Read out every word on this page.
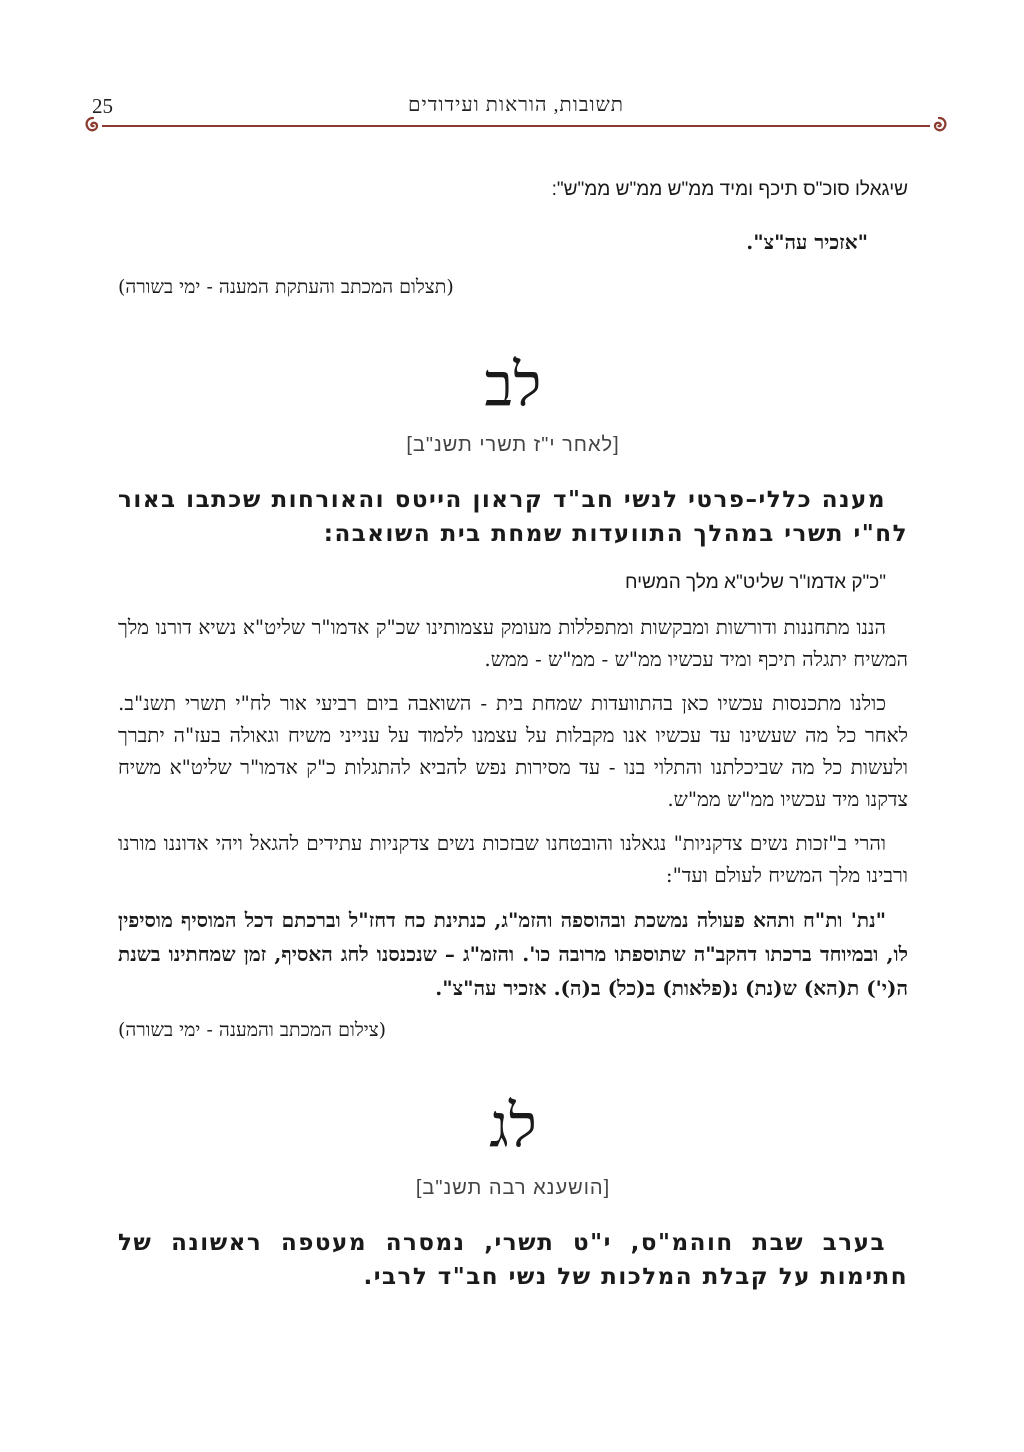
25	תשובות, הוראות ועידודים

שיגאלו סוכ"ס תיכף ומיד ממ"ש ממ"ש ממ"ש":

"אזכיר עה"צ".

(תצלום המכתב והעתקת המענה - ימי בשורה)

לב

[לאחר י"ז תשרי תשנ"ב]

מענה כללי–פרטי לנשי חב"ד קראון הייטס והאורחות שכתבו באור לח"י תשרי במהלך התוועדות שמחת בית השואבה:

"כ"ק אדמו"ר שליט"א מלך המשיח

הננו מתחננות ודורשות ומבקשות ומתפללות מעומק עצמותינו שכ"ק אדמו"ר שליט"א נשיא דורנו מלך המשיח יתגלה תיכף ומיד עכשיו ממ"ש - ממ"ש - ממש.

כולנו מתכנסות עכשיו כאן בהתוועדות שמחת בית - השואבה ביום רביעי אור לח"י תשרי תשנ"ב. לאחר כל מה שעשינו עד עכשיו אנו מקבלות על עצמנו ללמוד על ענייני משיח וגאולה בעז"ה יתברך ולעשות כל מה שביכלתנו והתלוי בנו - עד מסירות נפש להביא להתגלות כ"ק אדמו"ר שליט"א משיח צדקנו מיד עכשיו ממ"ש ממ"ש.

והרי ב"זכות נשים צדקניות" נגאלנו והובטחנו שבזכות נשים צדקניות עתידים להגאל ויהי אדוננו מורנו ורבינו מלך המשיח לעולם ועד":

"נת' ות"ח ותהא פעולה נמשכת ובהוספה והזמ"ג, כנתינת כח דחז"ל וברכתם דכל המוסיף מוסיפין לו, ובמיוחד ברכתו דהקב"ה שתוספתו מרובה כו'. והזמ"ג – שנכנסנו לחג האסיף, זמן שמחתינו בשנת ה(י') ת(הא) ש(נת) נ(פלאות) ב(כל) ב(ה). אזכיר עה"צ".

(צילום המכתב והמענה - ימי בשורה)

לג

[הושענא רבה תשנ"ב]

בערב שבת חוהמ"ס, י"ט תשרי, נמסרה מעטפה ראשונה של חתימות על קבלת המלכות של נשי חב"ד לרבי.
